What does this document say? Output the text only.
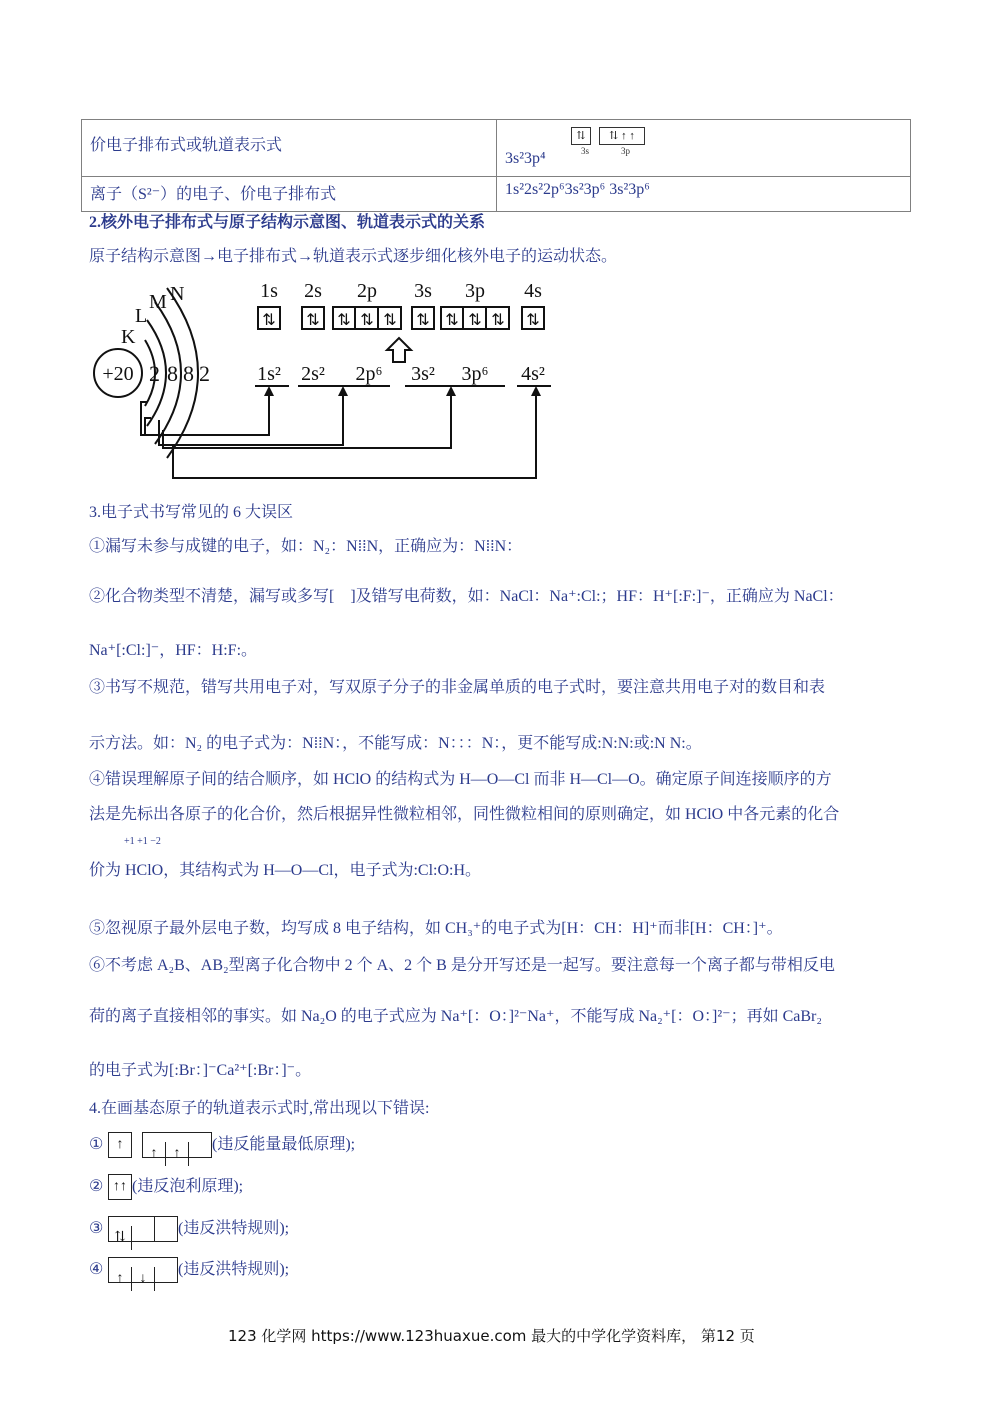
价电子排布式或轨道表示式	⇅ ⇅ ↑ ↑
3s 3p
3s²3p⁴

离子（S²⁻）的电子、价电子排布式	1s²2s²2p⁶3s²3p⁶ 3s²3p⁶
2.核外电子排布式与原子结构示意图、轨道表示式的关系
原子结构示意图→电子排布式→轨道表示式逐步细化核外电子的运动状态。
+20
K
L
M N
2 8 8 2
1s 2s 2p 3s 3p 4s
⇅ ⇅ ⇅ ⇅ ⇅ ⇅ ⇅ ⇅ ⇅ ⇅
1s² 2s² 2p⁶ 3s² 3p⁶ 4s²
3.电子式书写常见的 6 大误区
①漏写未参与成键的电子，如：N₂：N⁞⁞N，正确应为：N⁞⁞N：
②化合物类型不清楚，漏写或多写[　]及错写电荷数，如：NaCl：Na⁺:Cl:；HF：H⁺[:F:]⁻，正确应为 NaCl：
Na⁺[:Cl:]⁻，HF：H:F:。
③书写不规范，错写共用电子对，写双原子分子的非金属单质的电子式时，要注意共用电子对的数目和表
示方法。如：N₂ 的电子式为：N⁞⁞N：，不能写成：N：：：N：，更不能写成:N:N:或:N N:。
④错误理解原子间的结合顺序，如 HClO 的结构式为 H—O—Cl 而非 H—Cl—O。确定原子间连接顺序的方
法是先标出各原子的化合价，然后根据异性微粒相邻，同性微粒相间的原则确定，如 HClO 中各元素的化合
+1 +1 −2
价为 HClO，其结构式为 H—O—Cl，电子式为:Cl:O:H。
⑤忽视原子最外层电子数，均写成 8 电子结构，如 CH₃⁺的电子式为[H：CH：H]⁺而非[H：CH：]⁺。
⑥不考虑 A₂B、AB₂型离子化合物中 2 个 A、2 个 B 是分开写还是一起写。要注意每一个离子都与带相反电
荷的离子直接相邻的事实。如 Na₂O 的电子式应为 Na⁺[：O：]²⁻Na⁺，不能写成 Na₂⁺[：O：]²⁻；再如 CaBr₂
的电子式为[:Br：]⁻Ca²⁺[:Br：]⁻。
4.在画基态原子的轨道表示式时,常出现以下错误:
① ↑
↑ ↑
(违反能量最低原理);
② ↑↑ (违反泡利原理);
③
⇅
(违反洪特规则);
④
↑ ↓
(违反洪特规则);
123 化学网 https://www.123huaxue.com 最大的中学化学资料库， 第12 页
